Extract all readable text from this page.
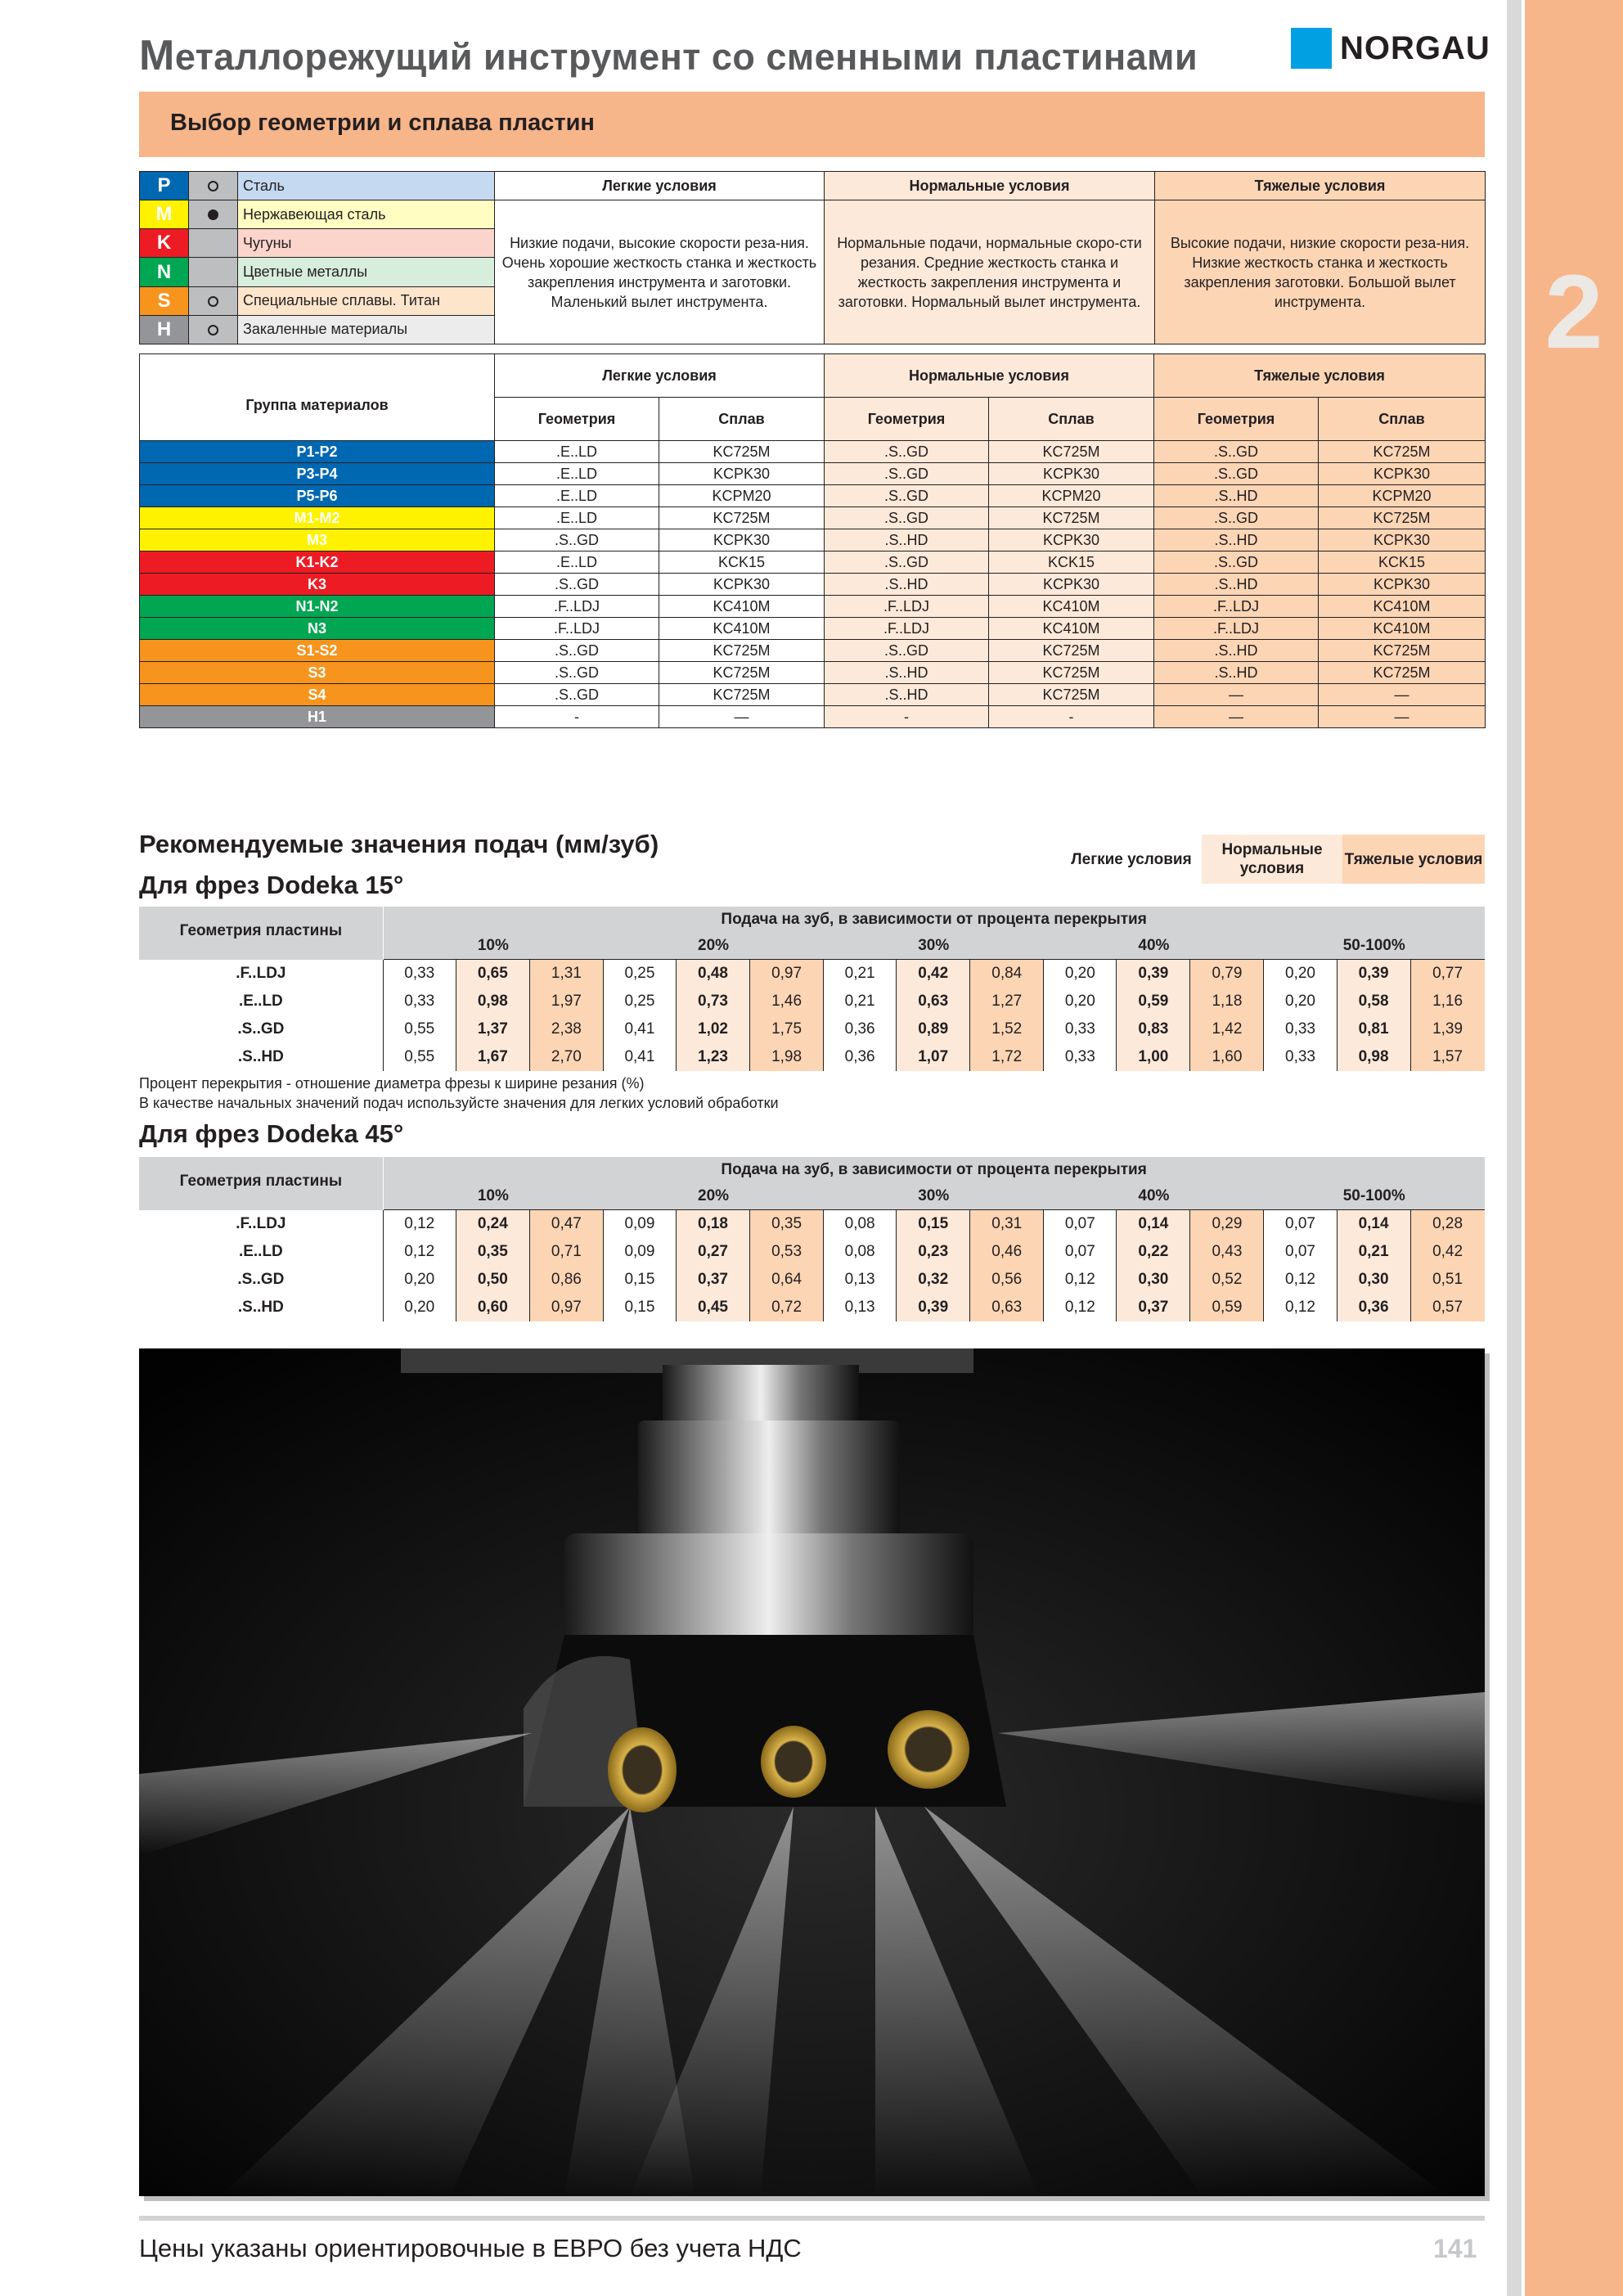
2
Металлорежущий инструмент со сменными пластинами	NORGAU
Выбор геометрии и сплава пластин
P		Сталь	Легкие условия	Нормальные условия	Тяжелые условия
M		Нержавеющая сталь	Низкие подачи, высокие скорости реза-ния. Очень хорошие жесткость станка и жесткость закрепления инструмента и заготовки. Маленький вылет инструмента.	Нормальные подачи, нормальные скоро-сти резания. Средние жесткость станка и жесткость закрепления инструмента и заготовки. Нормальный вылет инструмента.	Высокие подачи, низкие скорости реза-ния. Низкие жесткость станка и жесткость закрепления заготовки. Большой вылет инструмента.
K		Чугуны			
N		Цветные металлы			
S		Специальные сплавы. Титан			
H		Закаленные материалы			
Группа материалов	Легкие условия		Нормальные условия		Тяжелые условия	
	Геометрия	Сплав	Геометрия	Сплав	Геометрия	Сплав
P1-P2	.E..LD	KC725M	.S..GD	KC725M	.S..GD	KC725M
P3-P4	.E..LD	KCPK30	.S..GD	KCPK30	.S..GD	KCPK30
P5-P6	.E..LD	KCPM20	.S..GD	KCPM20	.S..HD	KCPM20
M1-M2	.E..LD	KC725M	.S..GD	KC725M	.S..GD	KC725M
M3	.S..GD	KCPK30	.S..HD	KCPK30	.S..HD	KCPK30
K1-K2	.E..LD	KCK15	.S..GD	KCK15	.S..GD	KCK15
K3	.S..GD	KCPK30	.S..HD	KCPK30	.S..HD	KCPK30
N1-N2	.F..LDJ	KC410M	.F..LDJ	KC410M	.F..LDJ	KC410M
N3	.F..LDJ	KC410M	.F..LDJ	KC410M	.F..LDJ	KC410M
S1-S2	.S..GD	KC725M	.S..GD	KC725M	.S..HD	KC725M
S3	.S..GD	KC725M	.S..HD	KC725M	.S..HD	KC725M
S4	.S..GD	KC725M	.S..HD	KC725M	—	—
H1	-	—	-	-	—	—
Рекомендуемые значения подач (мм/зуб)
Легкие условия
Нормальные условия
Тяжелые условия
Для фрез Dodeka 15°
Геометрия пластины	Подача на зуб, в зависимости от процента перекрытия														
	10%			20%			30%			40%			50-100%		
.F..LDJ	0,33	0,65	1,31	0,25	0,48	0,97	0,21	0,42	0,84	0,20	0,39	0,79	0,20	0,39	0,77
.E..LD	0,33	0,98	1,97	0,25	0,73	1,46	0,21	0,63	1,27	0,20	0,59	1,18	0,20	0,58	1,16
.S..GD	0,55	1,37	2,38	0,41	1,02	1,75	0,36	0,89	1,52	0,33	0,83	1,42	0,33	0,81	1,39
.S..HD	0,55	1,67	2,70	0,41	1,23	1,98	0,36	1,07	1,72	0,33	1,00	1,60	0,33	0,98	1,57
Процент перекрытия - отношение диаметра фрезы к ширине резания (%)
В качестве начальных значений подач используйсте значения для легких условий обработки
Для фрез Dodeka 45°
Геометрия пластины	Подача на зуб, в зависимости от процента перекрытия														
	10%			20%			30%			40%			50-100%		
.F..LDJ	0,12	0,24	0,47	0,09	0,18	0,35	0,08	0,15	0,31	0,07	0,14	0,29	0,07	0,14	0,28
.E..LD	0,12	0,35	0,71	0,09	0,27	0,53	0,08	0,23	0,46	0,07	0,22	0,43	0,07	0,21	0,42
.S..GD	0,20	0,50	0,86	0,15	0,37	0,64	0,13	0,32	0,56	0,12	0,30	0,52	0,12	0,30	0,51
.S..HD	0,20	0,60	0,97	0,15	0,45	0,72	0,13	0,39	0,63	0,12	0,37	0,59	0,12	0,36	0,57
Цены указаны ориентировочные в ЕВРО без учета НДС	141
